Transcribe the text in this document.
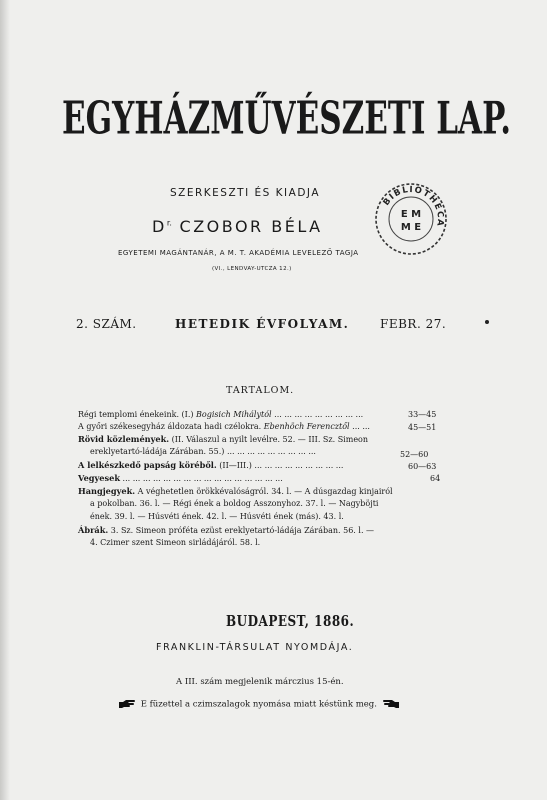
EGYHÁZMŰVÉSZETI LAP.
SZERKESZTI ÉS KIADJA
$D^{r.}$ CZOBOR BÉLA
EGYETEMI MAGÁNTANÁR, A M. T. AKADÉMIA LEVELEZŐ TAGJA
(VI., LENDVAY-UTCZA 12.)
BIBLIOTHECA
E M
M E
2. SZÁM.	HETEDIK ÉVFOLYAM.	FEBR. 27.
TARTALOM.
Régi templomi énekeink. (I.) Bogisich Mihálytól ... ... ... ... ... ... ... ... ...
A győri székesegyház áldozata hadi czélokra. Ebenhöch Ferencztől ... ...
Rövid közlemények. (II. Válaszul a nyilt levélre. 52. — III. Sz. Simeon
ereklyetartó-ládája Zárában. 55.) ... ... ... ... ... ... ... ... ...
A lelkészkedő papság köréből. (II—III.) ... ... ... ... ... ... ... ... ...
Vegyesek ... ... ... ... ... ... ... ... ... ... ... ... ... ... ... ...
Hangjegyek. A véghetetlen örökkévalóságról. 34. l. — A dúsgazdag kinjairól
a pokolban. 36. l. — Régi ének a boldog Asszonyhoz. 37. l. — Nagyböjti
ének. 39. l. — Húsvéti ének. 42. l. — Húsvéti ének (más). 43. l.
Ábrák. 3. Sz. Simeon próféta ezüst ereklyetartó-ládája Zárában. 56. l. —
4. Czimer szent Simeon sirládájáról. 58. l.
33—45
45—51
52—60
60—63
64
BUDAPEST, 1886.
FRANKLIN-TÁRSULAT NYOMDÁJA.
A III. szám megjelenik márczius 15-én.
E füzettel a czimszalagok nyomása miatt késtünk meg.
